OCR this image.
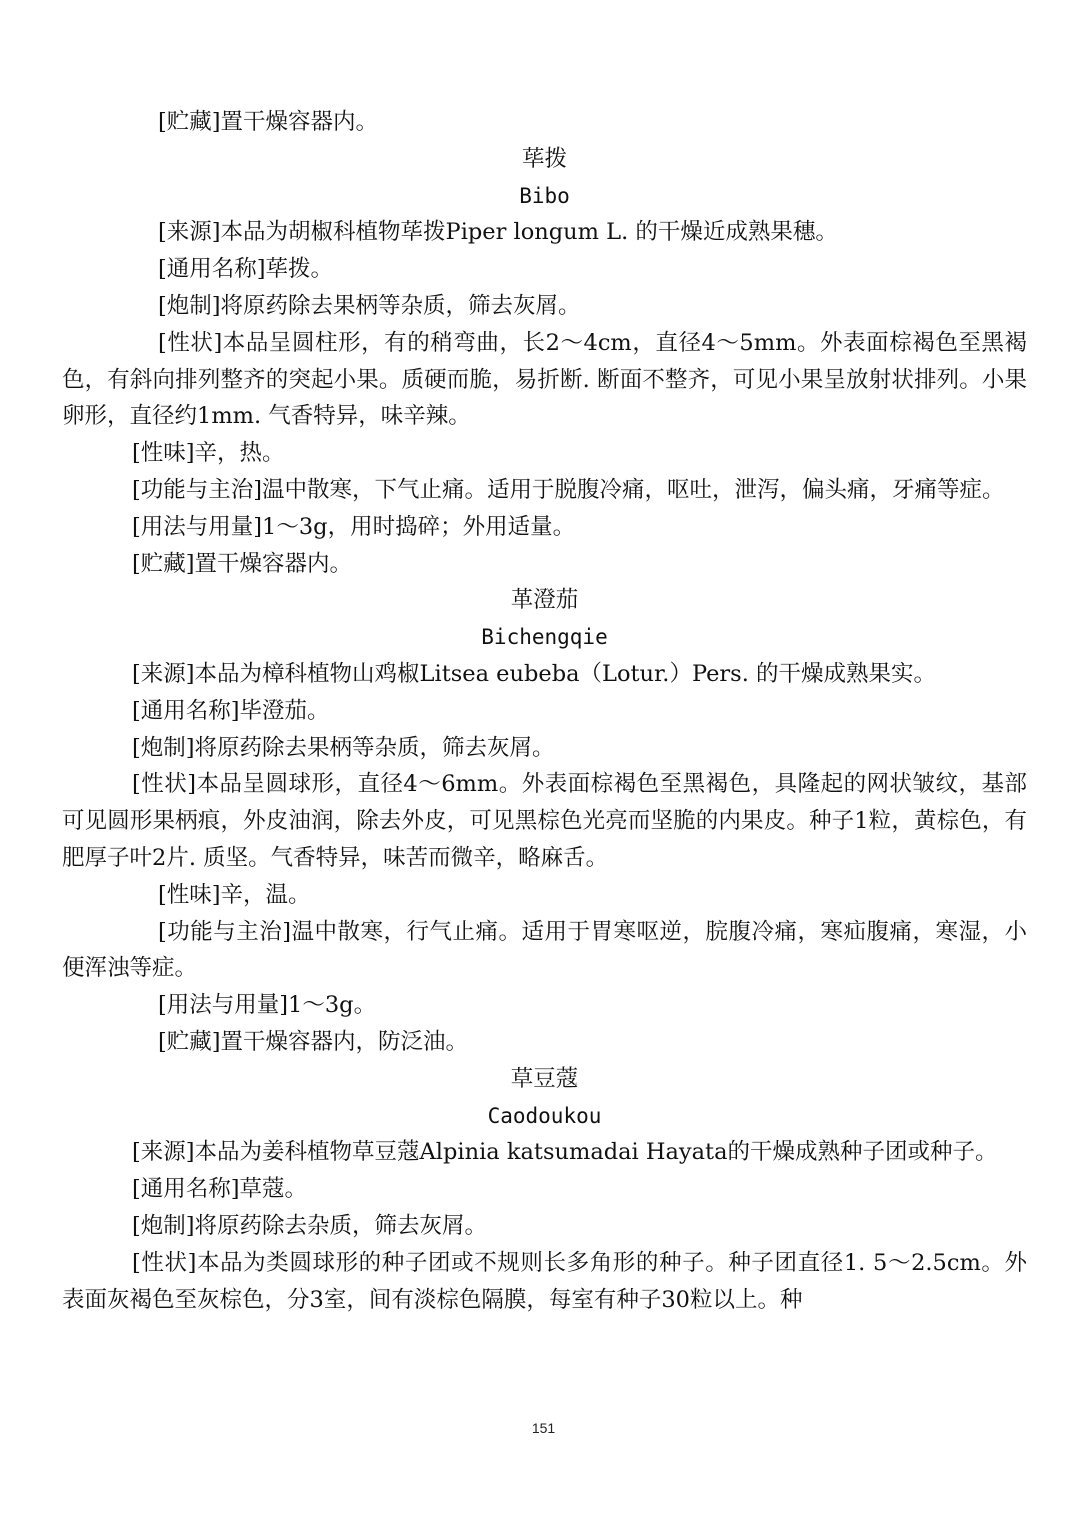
[贮藏]置干燥容器内。
荜拨
Bibo
[来源]本品为胡椒科植物荜拨Piper longum L. 的干燥近成熟果穗。
[通用名称]荜拨。
[炮制]将原药除去果柄等杂质，筛去灰屑。
[性状]本品呈圆柱形，有的稍弯曲，长2～4cm，直径4～5mm。外表面棕褐色至黑褐色，有斜向排列整齐的突起小果。质硬而脆，易折断. 断面不整齐，可见小果呈放射状排列。小果卵形，直径约1mm. 气香特异，味辛辣。
[性味]辛，热。
[功能与主治]温中散寒，下气止痛。适用于脱腹冷痛，呕吐，泄泻，偏头痛，牙痛等症。
[用法与用量]1～3g，用时捣碎；外用适量。
[贮藏]置干燥容器内。
革澄茄
Bichengqie
[来源]本品为樟科植物山鸡椒Litsea eubeba（Lotur.）Pers. 的干燥成熟果实。
[通用名称]毕澄茄。
[炮制]将原药除去果柄等杂质，筛去灰屑。
[性状]本品呈圆球形，直径4～6mm。外表面棕褐色至黑褐色，具隆起的网状皱纹，基部可见圆形果柄痕，外皮油润，除去外皮，可见黑棕色光亮而坚脆的内果皮。种子1粒，黄棕色，有肥厚子叶2片. 质坚。气香特异，味苦而微辛，略麻舌。
[性味]辛，温。
[功能与主治]温中散寒，行气止痛。适用于胃寒呕逆，脘腹冷痛，寒疝腹痛，寒湿，小便浑浊等症。
[用法与用量]1～3g。
[贮藏]置干燥容器内，防泛油。
草豆蔻
Caodoukou
[来源]本品为姜科植物草豆蔻Alpinia katsumadai Hayata的干燥成熟种子团或种子。
[通用名称]草蔻。
[炮制]将原药除去杂质，筛去灰屑。
[性状]本品为类圆球形的种子团或不规则长多角形的种子。种子团直径1. 5～2.5cm。外表面灰褐色至灰棕色，分3室，间有淡棕色隔膜，每室有种子30粒以上。种
151
